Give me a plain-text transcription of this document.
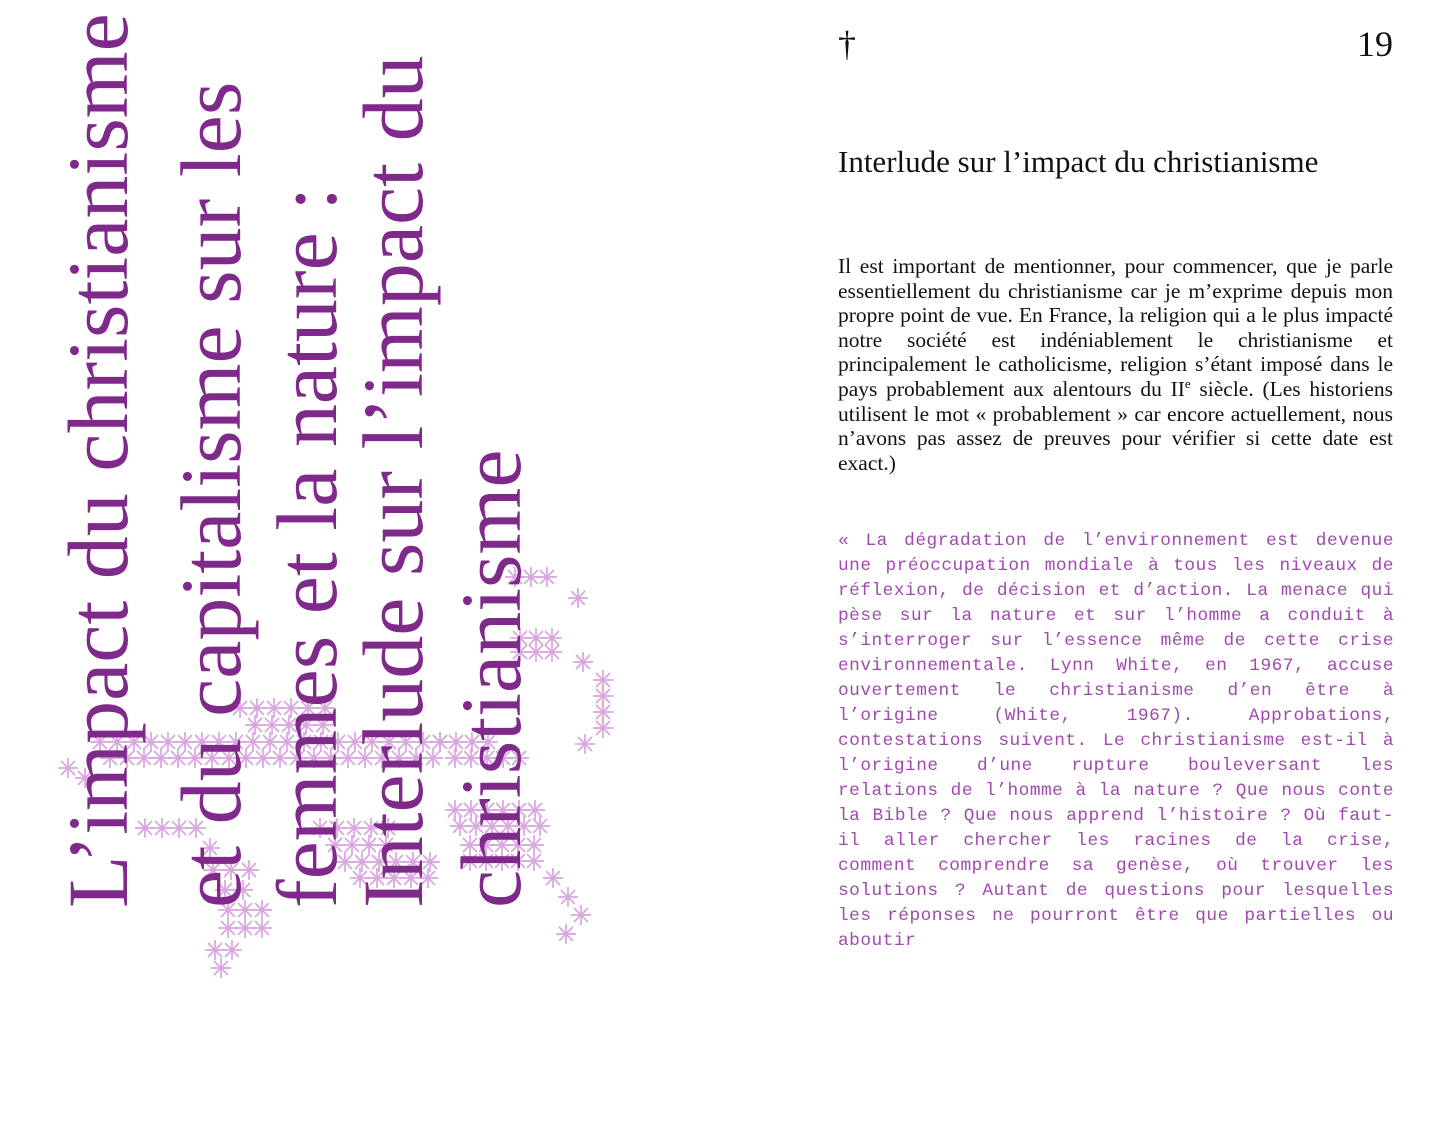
L’impact du christianisme et du capitalisme sur les femmes et la nature :
Interlude sur l’impact du christianisme
†	19
Interlude sur l’impact du christianisme

Il est important de mentionner, pour commencer, que je parle essentiellement du christianisme car je m’exprime depuis mon propre point de vue. En France, la religion qui a le plus impacté notre société est indéniablement le christianisme et principalement le catholicisme, religion s’étant imposé dans le pays probablement aux alentours du IIe siècle. (Les historiens utilisent le mot « probablement » car encore actuellement, nous n’avons pas assez de preuves pour vérifier si cette date est exact.)

« La dégradation de l’environnement est devenue une préoccupation mondiale à tous les niveaux de réflexion, de décision et d’action. La menace qui pèse sur la nature et sur l’homme a conduit à s’interroger sur l’essence même de cette crise environnementale. Lynn White, en 1967, accuse ouvertement le christianisme d’en être à l’origine (White, 1967). Approbations, contestations suivent. Le christianisme est-il à l’origine d’une rupture bouleversant les relations de l’homme à la nature ? Que nous conte la Bible ? Que nous apprend l’histoire ? Où faut-il aller chercher les racines de la crise, comment comprendre sa genèse, où trouver les solutions ? Autant de questions pour lesquelles les réponses ne pourront être que partielles ou aboutir
